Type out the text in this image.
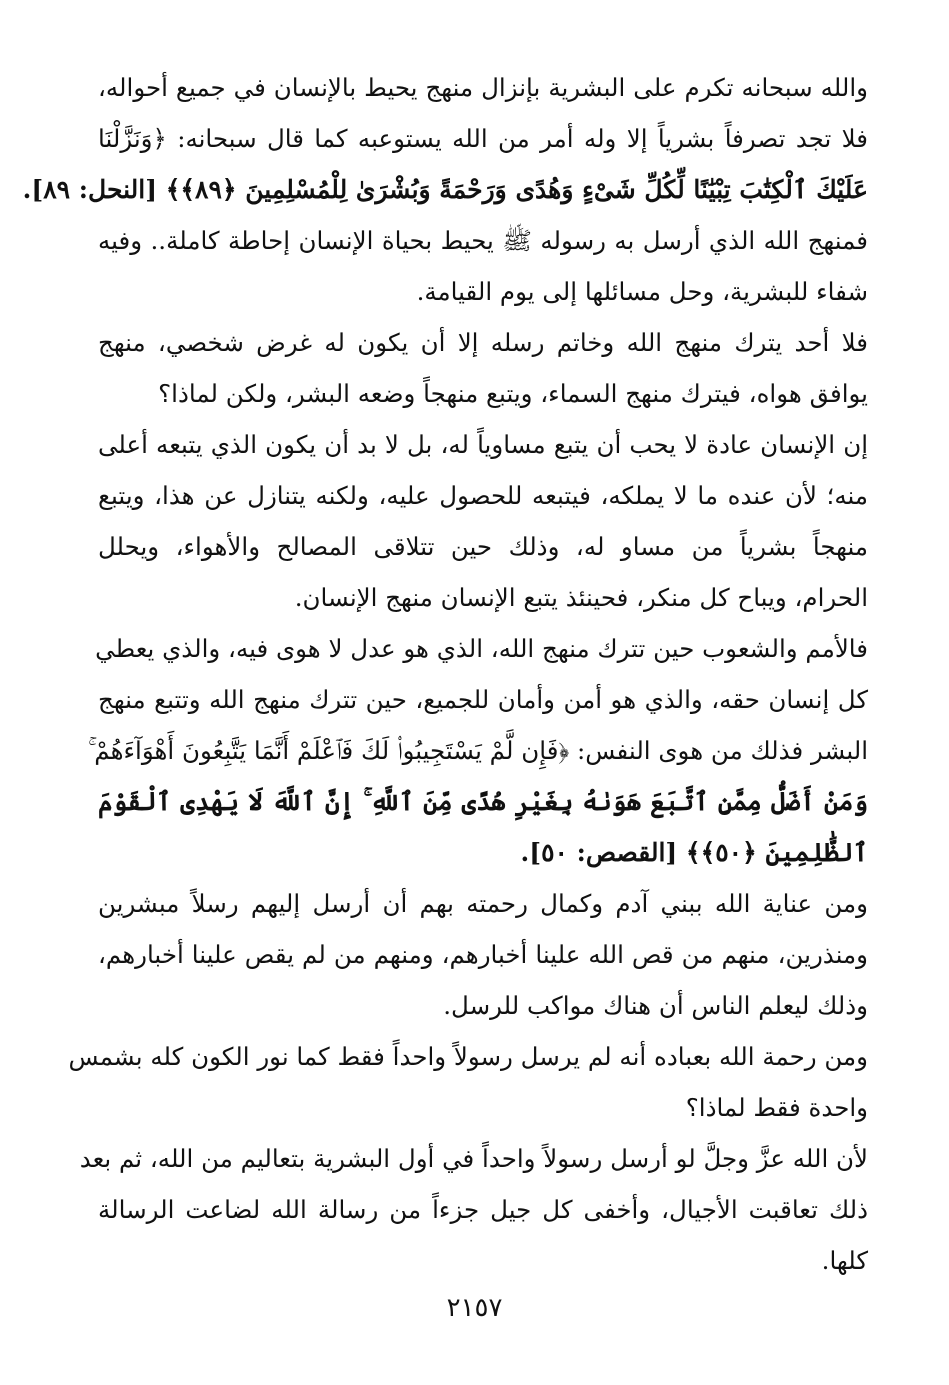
والله سبحانه تكرم على البشرية بإنزال منهج يحيط بالإنسان في جميع أحواله،
فلا تجد تصرفاً بشرياً إلا وله أمر من الله يستوعبه كما قال سبحانه: ﴿وَنَزَّلْنَا
عَلَيْكَ ٱلْكِتَٰبَ تِبْيَٰنًا لِّكُلِّ شَىْءٍ وَهُدًى وَرَحْمَةً وَبُشْرَىٰ لِلْمُسْلِمِينَ ﴿٨٩﴾﴾ [النحل: ٨٩].
فمنهج الله الذي أرسل به رسوله ﷺ يحيط بحياة الإنسان إحاطة كاملة.. وفيه
شفاء للبشرية، وحل مسائلها إلى يوم القيامة.
فلا أحد يترك منهج الله وخاتم رسله إلا أن يكون له غرض شخصي، منهج
يوافق هواه، فيترك منهج السماء، ويتبع منهجاً وضعه البشر، ولكن لماذا؟
إن الإنسان عادة لا يحب أن يتبع مساوياً له، بل لا بد أن يكون الذي يتبعه أعلى
منه؛ لأن عنده ما لا يملكه، فيتبعه للحصول عليه، ولكنه يتنازل عن هذا، ويتبع
منهجاً بشرياً من مساو له، وذلك حين تتلاقى المصالح والأهواء، ويحلل
الحرام، ويباح كل منكر، فحينئذ يتبع الإنسان منهج الإنسان.
فالأمم والشعوب حين تترك منهج الله، الذي هو عدل لا هوى فيه، والذي يعطي
كل إنسان حقه، والذي هو أمن وأمان للجميع، حين تترك منهج الله وتتبع منهج
البشر فذلك من هوى النفس: ﴿فَإِن لَّمْ يَسْتَجِيبُوا۟ لَكَ فَٱعْلَمْ أَنَّمَا يَتَّبِعُونَ أَهْوَآءَهُمْ ۚ
وَمَنْ أَضَلُّ مِمَّنِ ٱتَّبَعَ هَوَىٰهُ بِغَيْرِ هُدًى مِّنَ ٱللَّهِ ۚ إِنَّ ٱللَّهَ لَا يَهْدِى ٱلْقَوْمَ
ٱلظَّٰلِمِينَ ﴿٥٠﴾﴾ [القصص: ٥٠].
ومن عناية الله ببني آدم وكمال رحمته بهم أن أرسل إليهم رسلاً مبشرين
ومنذرين، منهم من قص الله علينا أخبارهم، ومنهم من لم يقص علينا أخبارهم،
وذلك ليعلم الناس أن هناك مواكب للرسل.
ومن رحمة الله بعباده أنه لم يرسل رسولاً واحداً فقط كما نور الكون كله بشمس
واحدة فقط لماذا؟
لأن الله عزَّ وجلَّ لو أرسل رسولاً واحداً في أول البشرية بتعاليم من الله، ثم بعد
ذلك تعاقبت الأجيال، وأخفى كل جيل جزءاً من رسالة الله لضاعت الرسالة
كلها.
٢١٥٧
